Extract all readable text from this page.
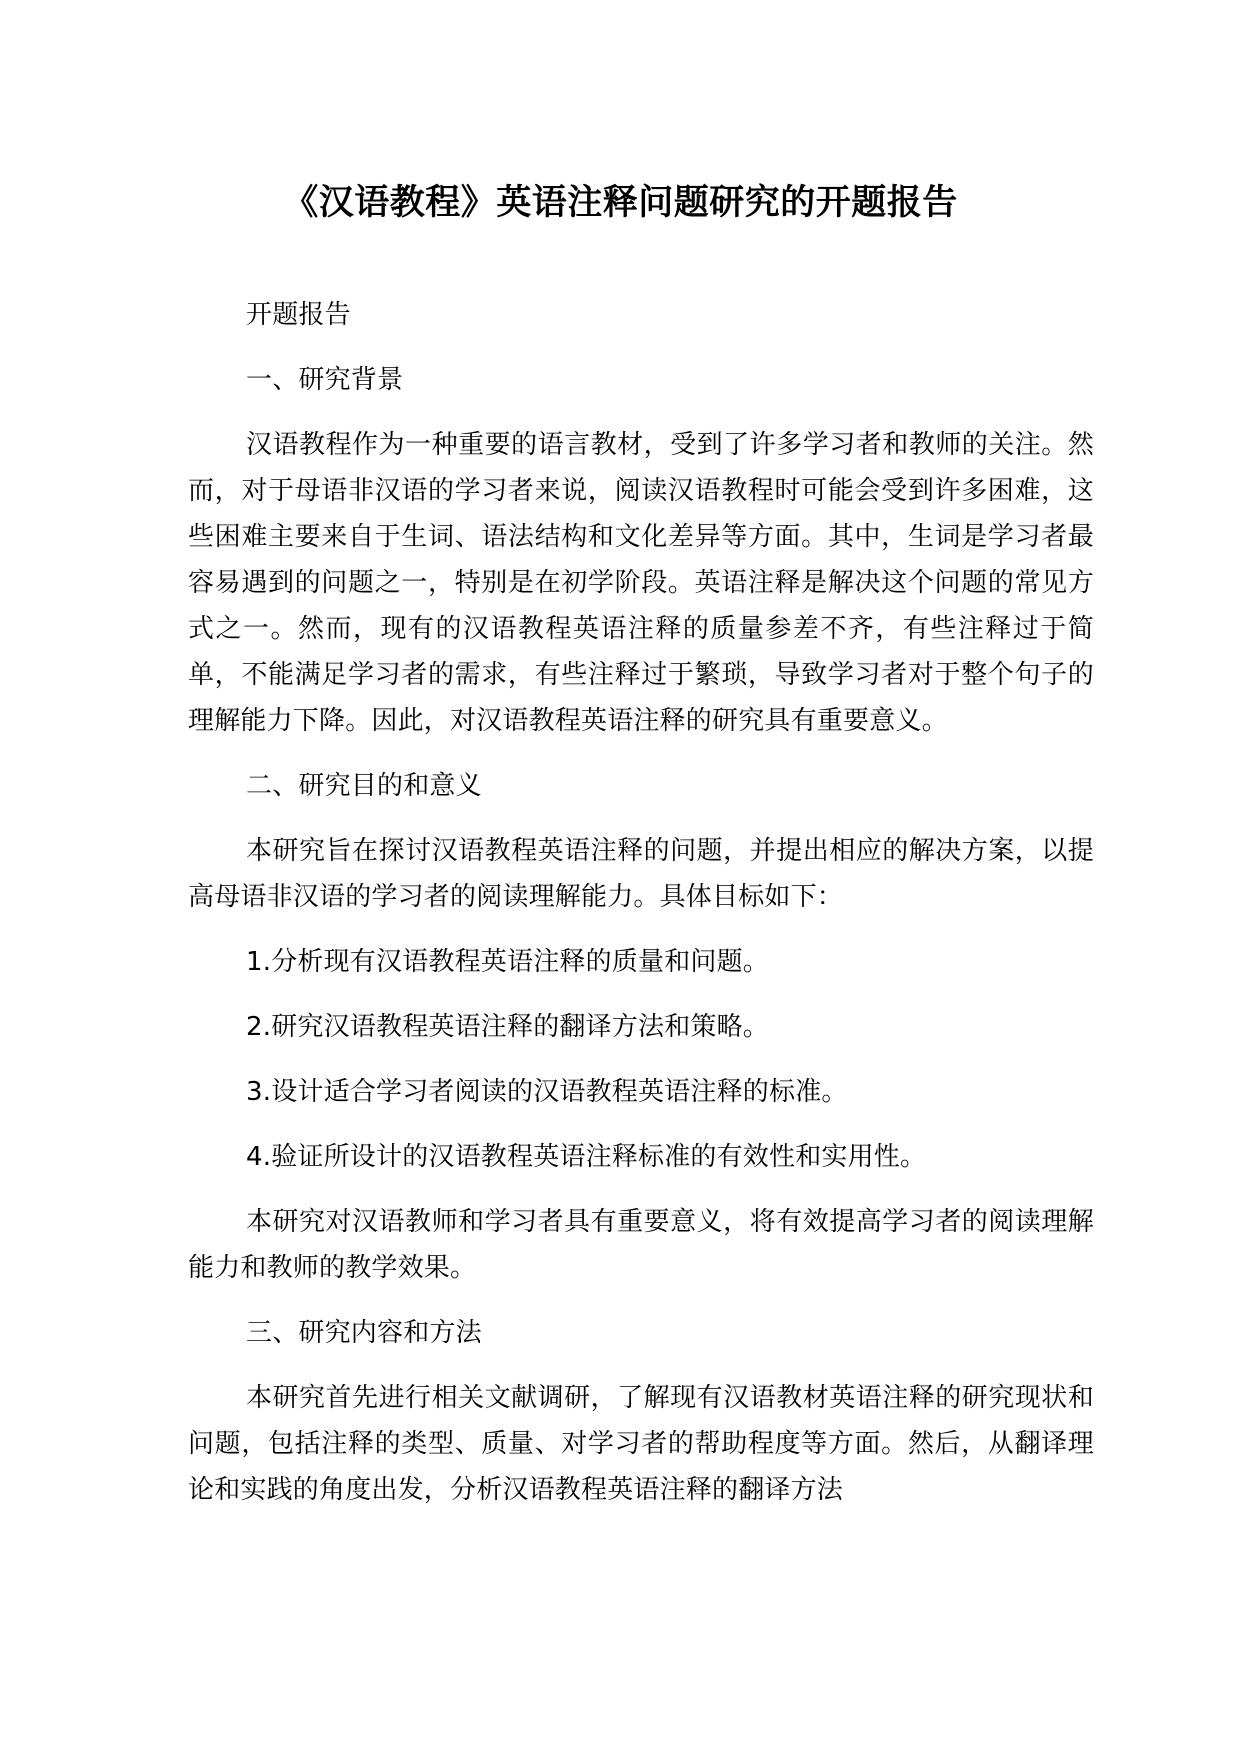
《汉语教程》英语注释问题研究的开题报告

开题报告

一、研究背景

汉语教程作为一种重要的语言教材，受到了许多学习者和教师的关注。然而，对于母语非汉语的学习者来说，阅读汉语教程时可能会受到许多困难，这些困难主要来自于生词、语法结构和文化差异等方面。其中，生词是学习者最容易遇到的问题之一，特别是在初学阶段。英语注释是解决这个问题的常见方式之一。然而，现有的汉语教程英语注释的质量参差不齐，有些注释过于简单，不能满足学习者的需求，有些注释过于繁琐，导致学习者对于整个句子的理解能力下降。因此，对汉语教程英语注释的研究具有重要意义。

二、研究目的和意义

本研究旨在探讨汉语教程英语注释的问题，并提出相应的解决方案，以提高母语非汉语的学习者的阅读理解能力。具体目标如下：

1.分析现有汉语教程英语注释的质量和问题。

2.研究汉语教程英语注释的翻译方法和策略。

3.设计适合学习者阅读的汉语教程英语注释的标准。

4.验证所设计的汉语教程英语注释标准的有效性和实用性。

本研究对汉语教师和学习者具有重要意义，将有效提高学习者的阅读理解能力和教师的教学效果。

三、研究内容和方法

本研究首先进行相关文献调研，了解现有汉语教材英语注释的研究现状和问题，包括注释的类型、质量、对学习者的帮助程度等方面。然后，从翻译理论和实践的角度出发，分析汉语教程英语注释的翻译方法
